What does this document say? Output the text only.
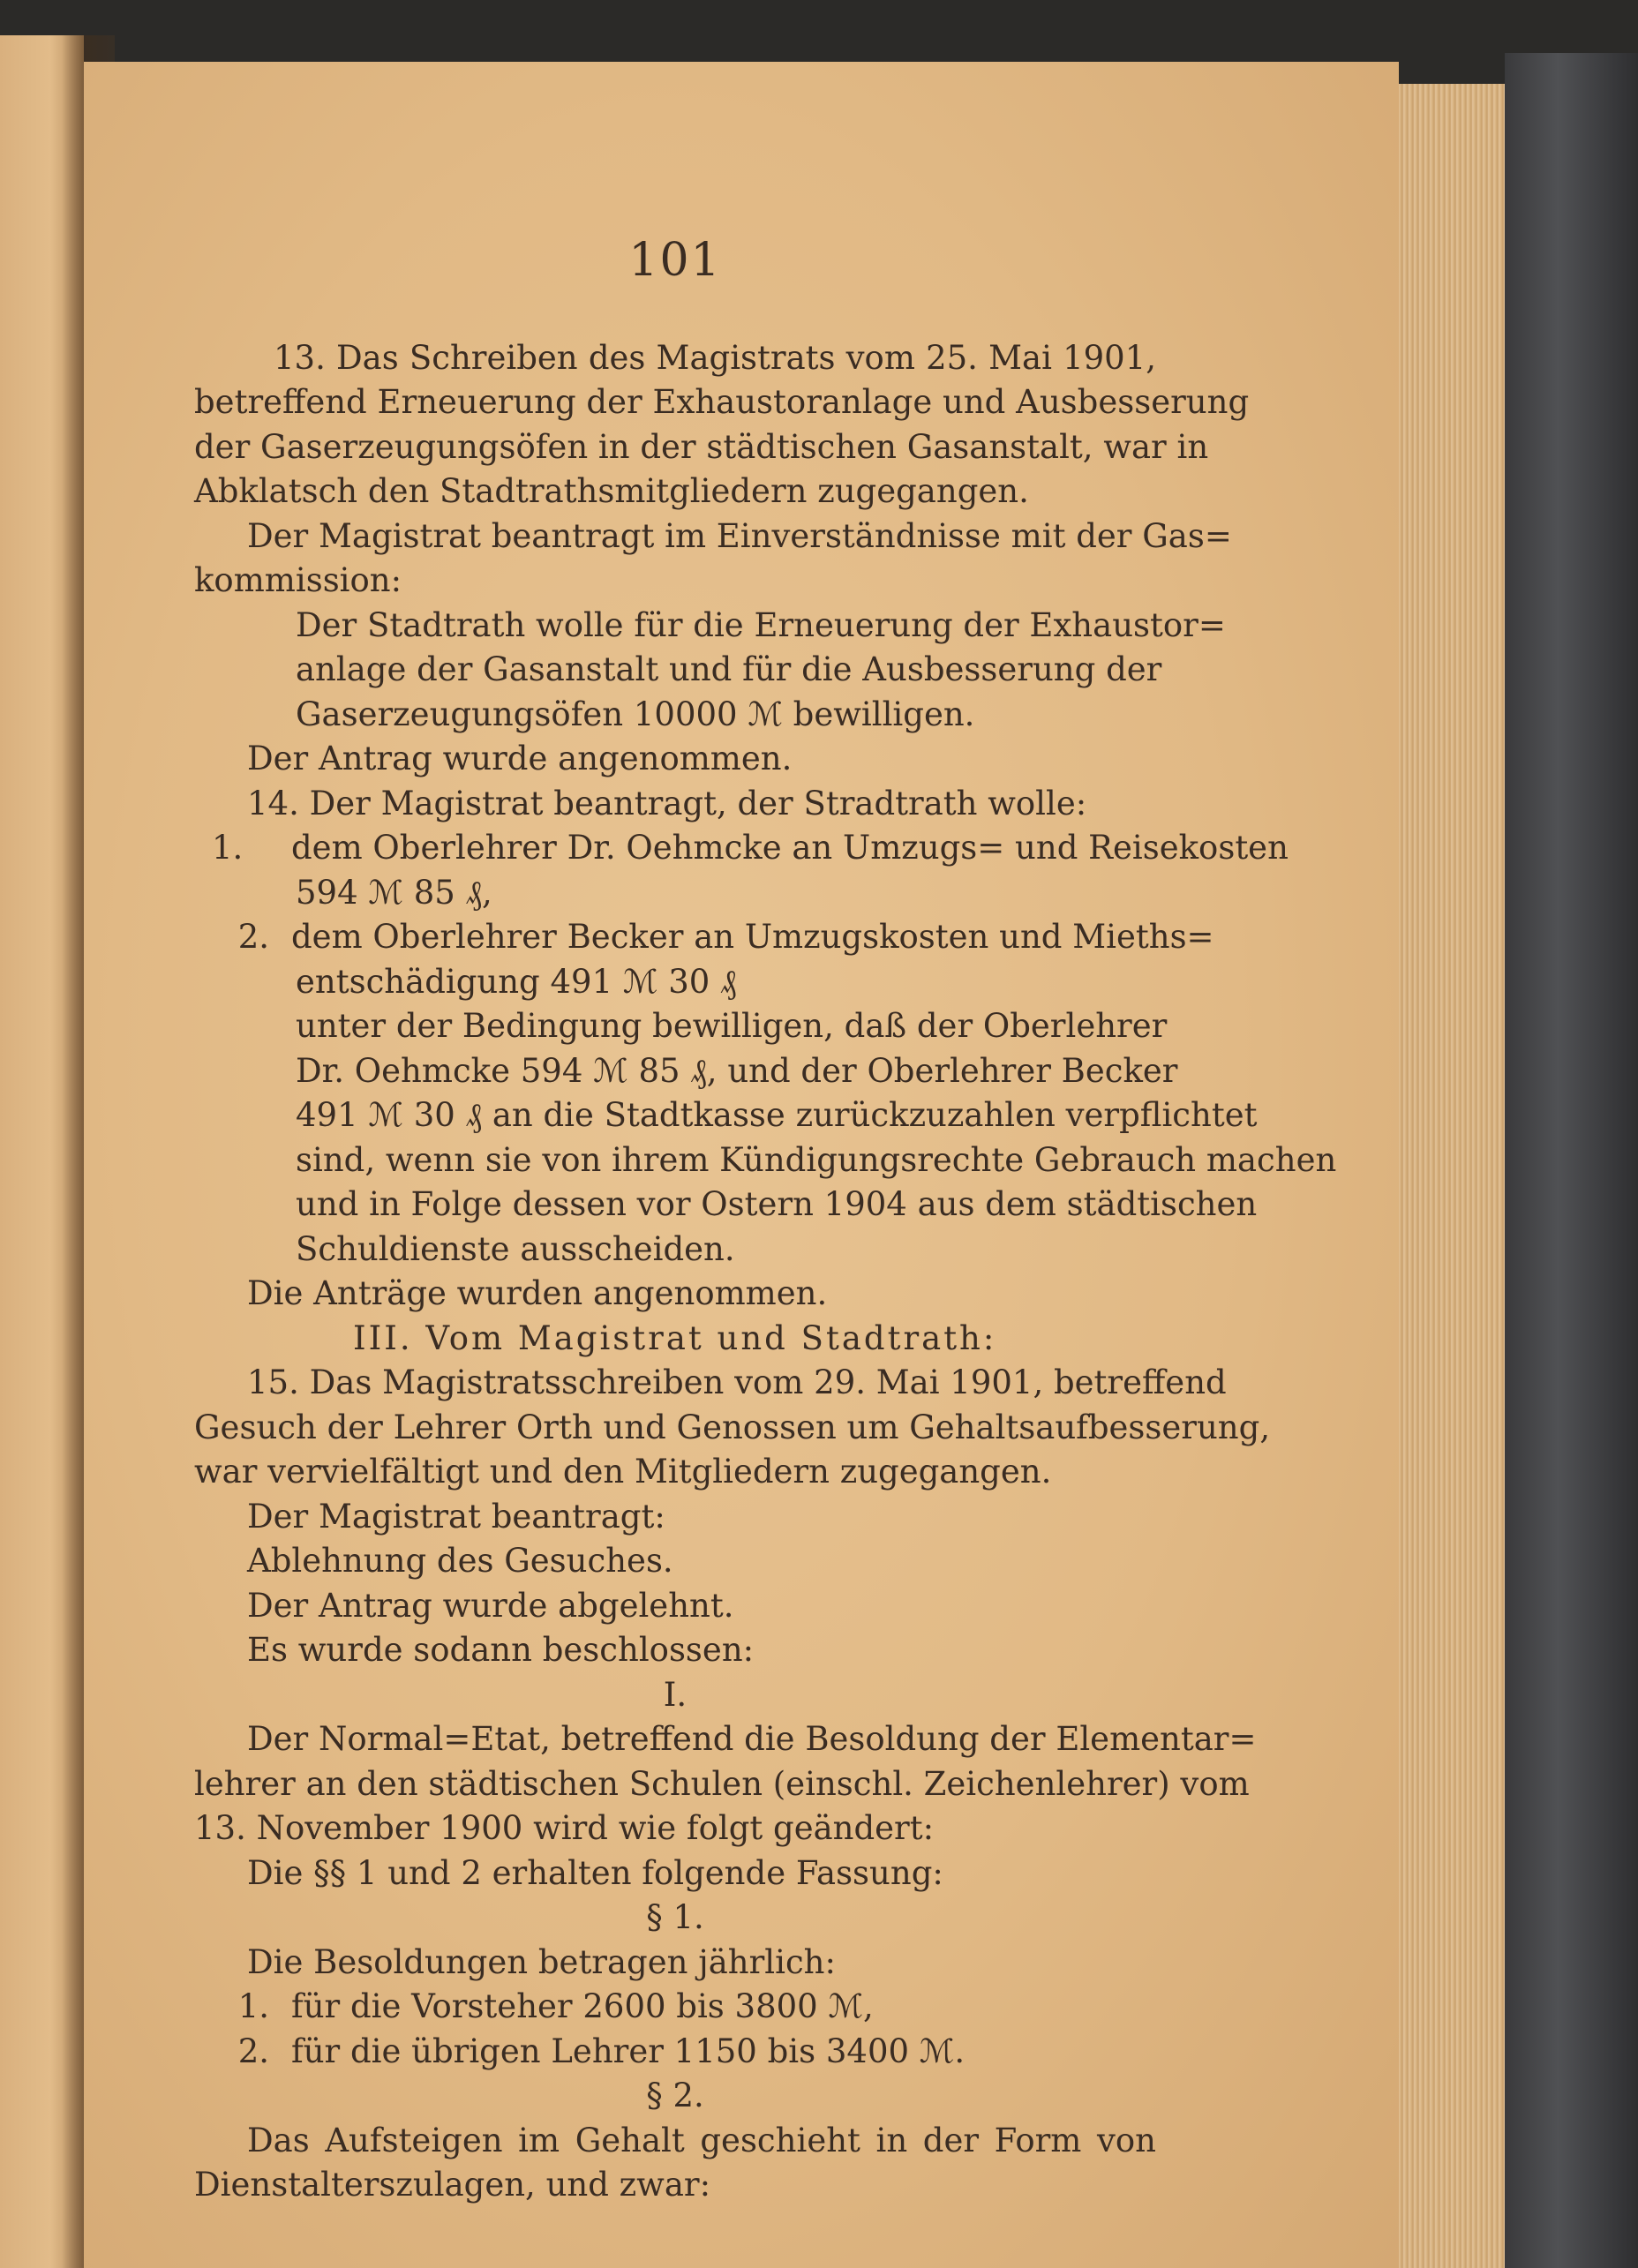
101
13. Das Schreiben des Magistrats vom 25. Mai 1901,
betreffend Erneuerung der Exhaustoranlage und Ausbesserung
der Gaserzeugungsöfen in der städtischen Gasanstalt, war in
Abklatsch den Stadtrathsmitgliedern zugegangen.
Der Magistrat beantragt im Einverständnisse mit der Gas=
kommission:
Der Stadtrath wolle für die Erneuerung der Exhaustor=
anlage der Gasanstalt und für die Ausbesserung der
Gaserzeugungsöfen 10000 ℳ bewilligen.
Der Antrag wurde angenommen.
14. Der Magistrat beantragt, der Stradtrath wolle:
1. dem Oberlehrer Dr. Oehmcke an Umzugs= und Reisekosten
594 ℳ 85 ₰,
2. dem Oberlehrer Becker an Umzugskosten und Mieths=
entschädigung 491 ℳ 30 ₰
unter der Bedingung bewilligen, daß der Oberlehrer
Dr. Oehmcke 594 ℳ 85 ₰, und der Oberlehrer Becker
491 ℳ 30 ₰ an die Stadtkasse zurückzuzahlen verpflichtet
sind, wenn sie von ihrem Kündigungsrechte Gebrauch machen
und in Folge dessen vor Ostern 1904 aus dem städtischen
Schuldienste ausscheiden.
Die Anträge wurden angenommen.
III. Vom Magistrat und Stadtrath:
15. Das Magistratsschreiben vom 29. Mai 1901, betreffend
Gesuch der Lehrer Orth und Genossen um Gehaltsaufbesserung,
war vervielfältigt und den Mitgliedern zugegangen.
Der Magistrat beantragt:
Ablehnung des Gesuches.
Der Antrag wurde abgelehnt.
Es wurde sodann beschlossen:
I.
Der Normal=Etat, betreffend die Besoldung der Elementar=
lehrer an den städtischen Schulen (einschl. Zeichenlehrer) vom
13. November 1900 wird wie folgt geändert:
Die §§ 1 und 2 erhalten folgende Fassung:
§ 1.
Die Besoldungen betragen jährlich:
1. für die Vorsteher 2600 bis 3800 ℳ,
2. für die übrigen Lehrer 1150 bis 3400 ℳ.
§ 2.
Das Aufsteigen im Gehalt geschieht in der Form von
Dienstalterszulagen, und zwar:
